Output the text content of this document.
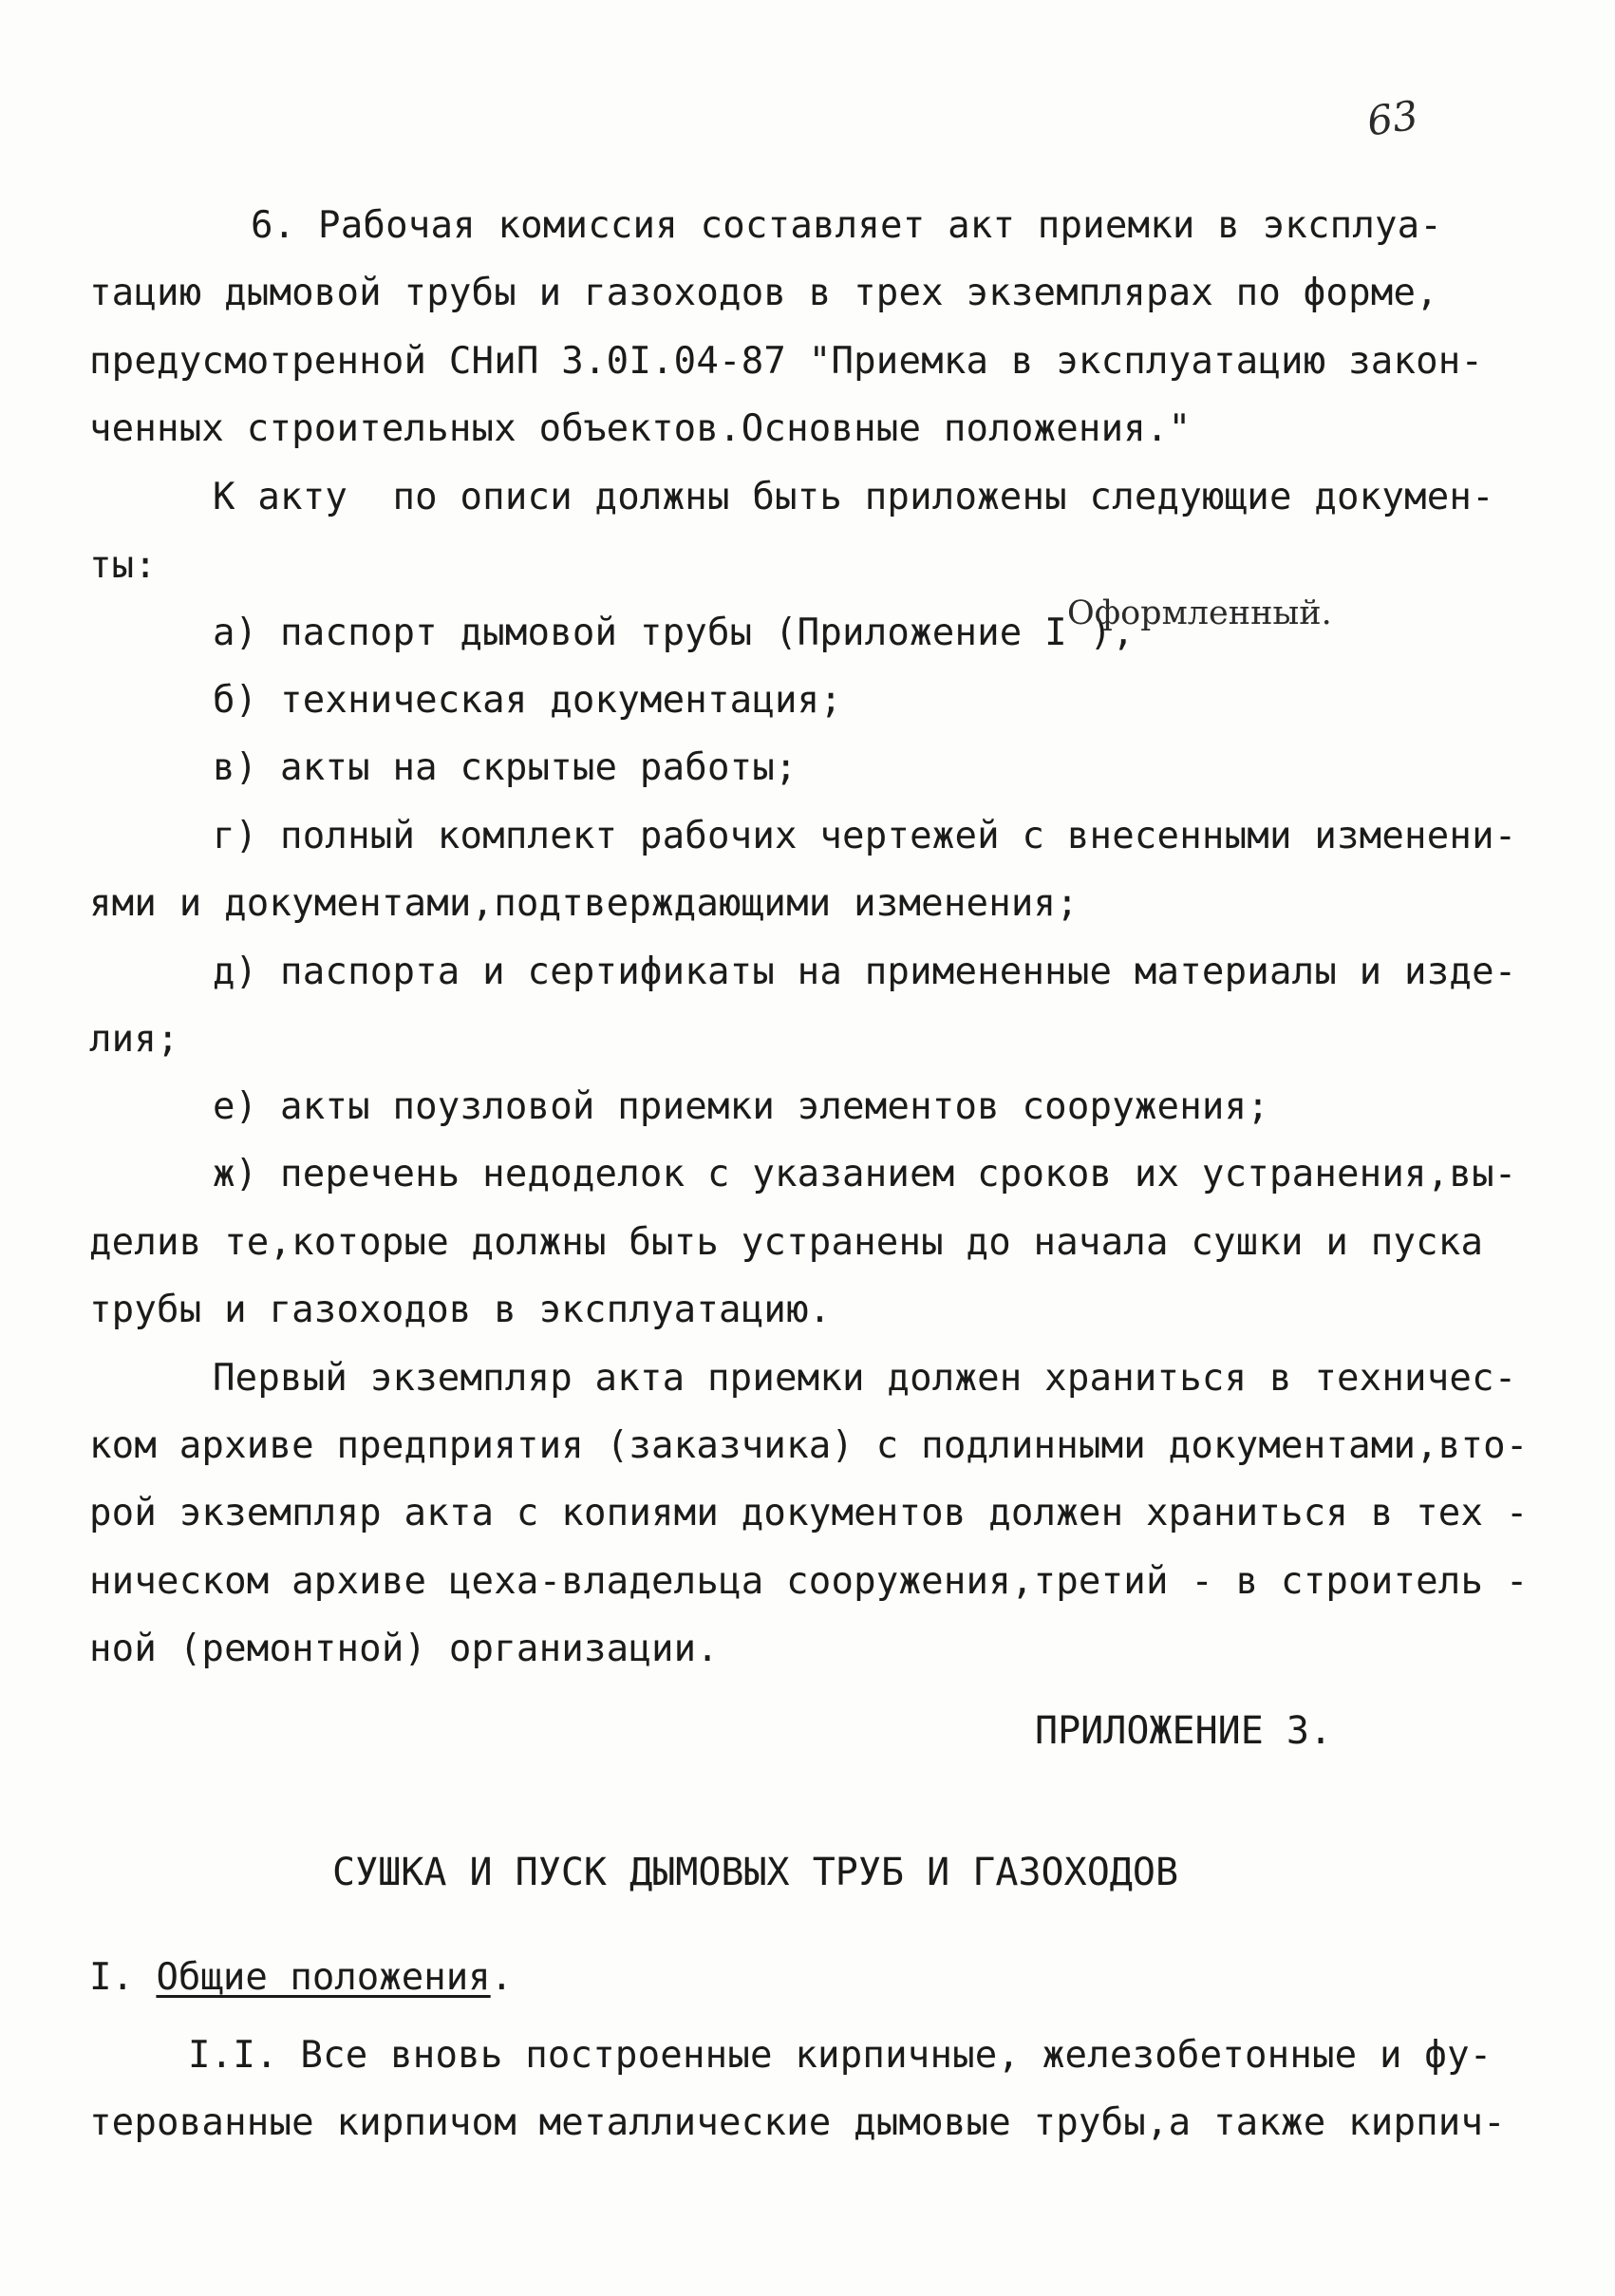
63
6. Рабочая комиссия составляет акт приемки в эксплуа-
тацию дымовой трубы и газоходов в трех экземплярах по форме,
предусмотренной СНиП 3.0I.04-87 "Приемка в эксплуатацию закон-
ченных строительных объектов.Основные положения."
К акту  по описи должны быть приложены следующие докумен-
ты:
а) паспорт дымовой трубы (Приложение I ),
Оформленный.
б) техническая документация;
в) акты на скрытые работы;
г) полный комплект рабочих чертежей с внесенными изменени-
ями и документами,подтверждающими изменения;
д) паспорта и сертификаты на примененные материалы и изде-
лия;
е) акты поузловой приемки элементов сооружения;
ж) перечень недоделок с указанием сроков их устранения,вы-
делив те,которые должны быть устранены до начала сушки и пуска
трубы и газоходов в эксплуатацию.
Первый экземпляр акта приемки должен храниться в техничес-
ком архиве предприятия (заказчика) с подлинными документами,вто-
рой экземпляр акта с копиями документов должен храниться в тех -
ническом архиве цеха-владельца сооружения,третий - в строитель -
ной (ремонтной) организации.
ПРИЛОЖЕНИЕ 3.
СУШКА И ПУСК ДЫМОВЫХ ТРУБ И ГАЗОХОДОВ
I. Общие положения.
I.I. Все вновь построенные кирпичные, железобетонные и фу-
терованные кирпичом металлические дымовые трубы,а также кирпич-
